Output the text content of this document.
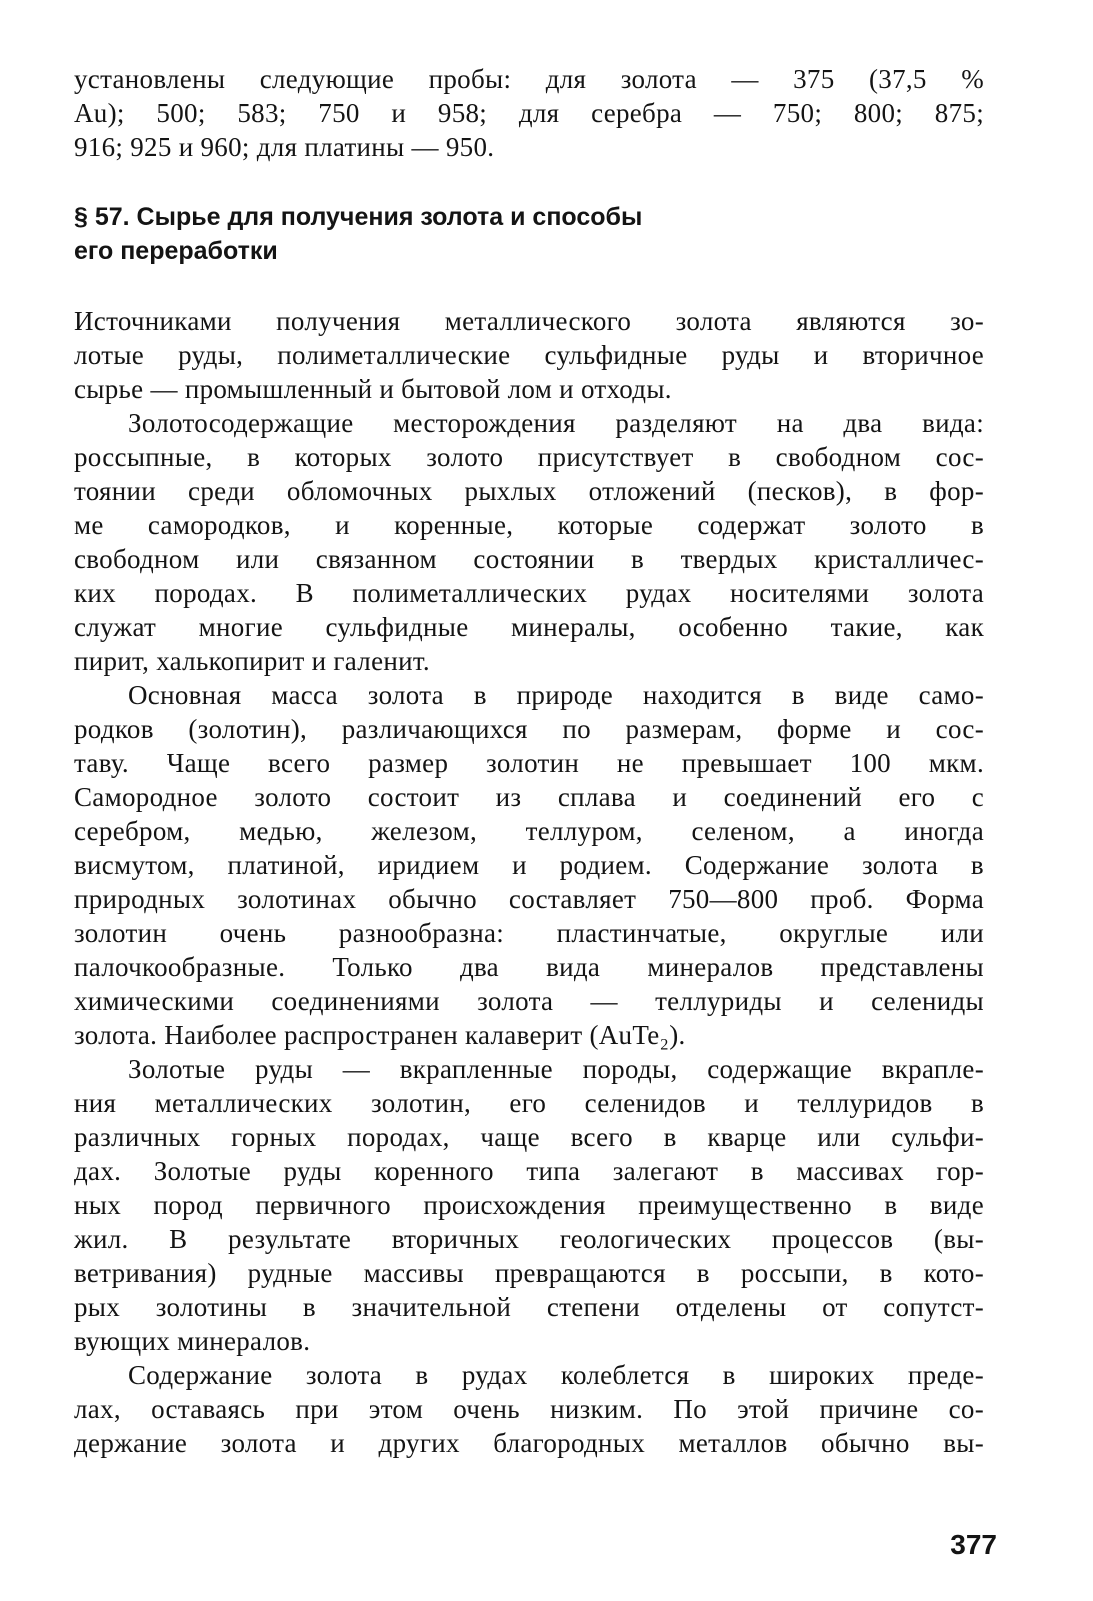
установлены следующие пробы: для золота — 375 (37,5 %
Au); 500; 583; 750 и 958; для серебра — 750; 800; 875;
916; 925 и 960; для платины — 950.
§ 57. Сырье для получения золота и способы
его переработки
Источниками получения металлического золота являются зо-
лотые руды, полиметаллические сульфидные руды и вторичное
сырье — промышленный и бытовой лом и отходы.
Золотосодержащие месторождения разделяют на два вида:
россыпные, в которых золото присутствует в свободном сос-
тоянии среди обломочных рыхлых отложений (песков), в фор-
ме самородков, и коренные, которые содержат золото в
свободном или связанном состоянии в твердых кристалличес-
ких породах. В полиметаллических рудах носителями золота
служат многие сульфидные минералы, особенно такие, как
пирит, халькопирит и галенит.
Основная масса золота в природе находится в виде само-
родков (золотин), различающихся по размерам, форме и сос-
таву. Чаще всего размер золотин не превышает 100 мкм.
Самородное золото состоит из сплава и соединений его с
серебром, медью, железом, теллуром, селеном, а иногда
висмутом, платиной, иридием и родием. Содержание золота в
природных золотинах обычно составляет 750—800 проб. Форма
золотин очень разнообразна: пластинчатые, округлые или
палочкообразные. Только два вида минералов представлены
химическими соединениями золота — теллуриды и селениды
золота. Наиболее распространен калаверит (AuTe₂).
Золотые руды — вкрапленные породы, содержащие вкрапле-
ния металлических золотин, его селенидов и теллуридов в
различных горных породах, чаще всего в кварце или сульфи-
дах. Золотые руды коренного типа залегают в массивах гор-
ных пород первичного происхождения преимущественно в виде
жил. В результате вторичных геологических процессов (вы-
ветривания) рудные массивы превращаются в россыпи, в кото-
рых золотины в значительной степени отделены от сопутст-
вующих минералов.
Содержание золота в рудах колеблется в широких преде-
лах, оставаясь при этом очень низким. По этой причине со-
держание золота и других благородных металлов обычно вы-
377
